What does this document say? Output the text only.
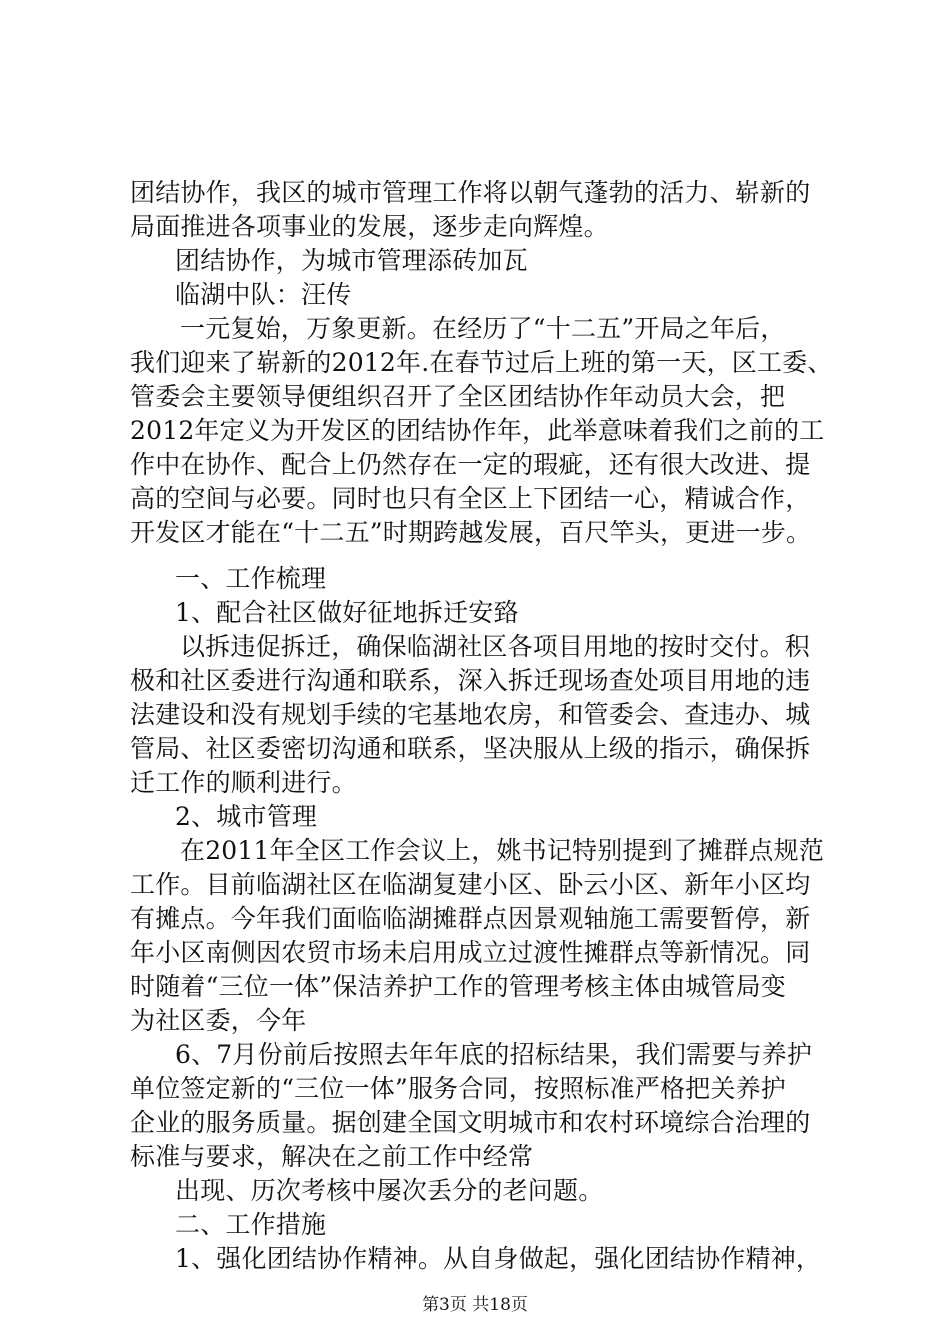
团结协作，我区的城市管理工作将以朝气蓬勃的活力、崭新的
局面推进各项事业的发展，逐步走向辉煌。
团结协作，为城市管理添砖加瓦
临湖中队：汪传
一元复始，万象更新。在经历了“十二五”开局之年后，
我们迎来了崭新的2012年.在春节过后上班的第一天，区工委、
管委会主要领导便组织召开了全区团结协作年动员大会，把
2012年定义为开发区的团结协作年，此举意味着我们之前的工
作中在协作、配合上仍然存在一定的瑕疵，还有很大改进、提
高的空间与必要。同时也只有全区上下团结一心，精诚合作，
开发区才能在“十二五”时期跨越发展，百尺竿头，更进一步。
一、工作梳理
1、配合社区做好征地拆迁安臵
以拆违促拆迁，确保临湖社区各项目用地的按时交付。积
极和社区委进行沟通和联系，深入拆迁现场查处项目用地的违
法建设和没有规划手续的宅基地农房，和管委会、查违办、城
管局、社区委密切沟通和联系，坚决服从上级的指示，确保拆
迁工作的顺利进行。
2、城市管理
在2011年全区工作会议上，姚书记特别提到了摊群点规范
工作。目前临湖社区在临湖复建小区、卧云小区、新年小区均
有摊点。今年我们面临临湖摊群点因景观轴施工需要暂停，新
年小区南侧因农贸市场未启用成立过渡性摊群点等新情况。同
时随着“三位一体”保洁养护工作的管理考核主体由城管局变
为社区委，今年
6、7月份前后按照去年年底的招标结果，我们需要与养护
单位签定新的“三位一体”服务合同，按照标准严格把关养护
企业的服务质量。据创建全国文明城市和农村环境综合治理的
标准与要求，解决在之前工作中经常
出现、历次考核中屡次丢分的老问题。
二、工作措施
第3页 共18页
1、强化团结协作精神。从自身做起，强化团结协作精神，
